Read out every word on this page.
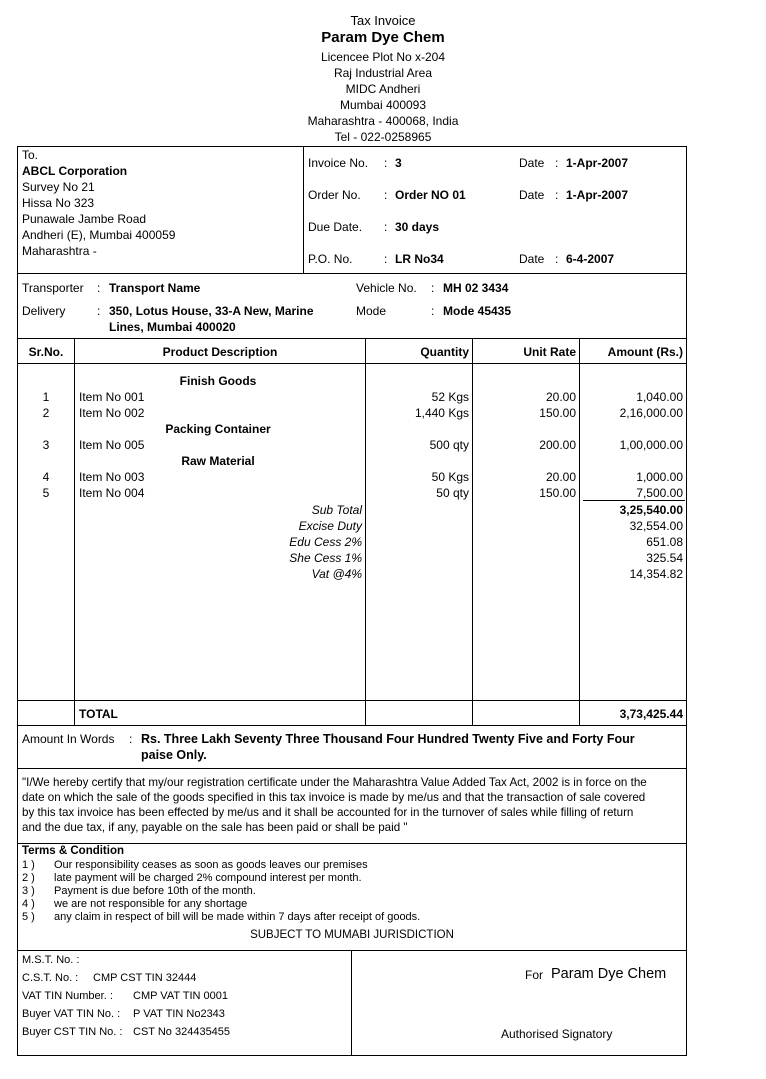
Tax Invoice
Param Dye Chem
Licencee Plot No x-204
Raj Industrial Area
MIDC Andheri
Mumbai 400093
Maharashtra - 400068, India
Tel - 022-0258965
To.
ABCL Corporation
Survey No 21
Hissa No 323
Punawale Jambe Road
Andheri (E), Mumbai 400059
Maharashtra -
Invoice No. : 3	Date : 1-Apr-2007
Order No. : Order NO 01	Date : 1-Apr-2007
Due Date. : 30 days
P.O. No.	: LR No34	Date : 6-4-2007
Transporter : Transport Name
Delivery	: 350, Lotus House, 33-A New, Marine
Lines, Mumbai 400020
Vehicle No. : MH 02 3434
Mode	: Mode 45435
Sr.No.	Product Description	Quantity	Unit Rate	Amount (Rs.)
Finish Goods
1	Item No 001	52 Kgs	20.00	1,040.00
2	Item No 002	1,440 Kgs	150.00	2,16,000.00
Packing Container
3	Item No 005	500 qty	200.00	1,00,000.00
Raw Material
4	Item No 003	50 Kgs	20.00	1,000.00
5	Item No 004	50 qty	150.00	7,500.00
Sub Total	3,25,540.00
Excise Duty	32,554.00
Edu Cess 2%	651.08
She Cess 1%	325.54
Vat @4%	14,354.82
TOTAL	3,73,425.44
Amount In Words : Rs. Three Lakh Seventy Three Thousand Four Hundred Twenty Five and Forty Four
paise Only.
"I/We hereby certify that my/our registration certificate under the Maharashtra Value Added Tax Act, 2002 is in force on the
date on which the sale of the goods specified in this tax invoice is made by me/us and that the transaction of sale covered
by this tax invoice has been effected by me/us and it shall be accounted for in the turnover of sales while filling of return
and the due tax, if any, payable on the sale has been paid or shall be paid "
Terms & Condition
1 ) Our responsibility ceases as soon as goods leaves our premises
2 ) late payment will be charged 2% compound interest per month.
3 ) Payment is due before 10th of the month.
4 ) we are not responsible for any shortage
5 ) any claim in respect of bill will be made within 7 days after receipt of goods.
SUBJECT TO MUMABI JURISDICTION
M.S.T. No. :
C.S.T. No. : CMP CST TIN 32444
VAT TIN Number. : CMP VAT TIN 0001
Buyer VAT TIN No. : P VAT TIN No2343
Buyer CST TIN No. : CST No 324435455
For Param Dye Chem
Authorised Signatory
